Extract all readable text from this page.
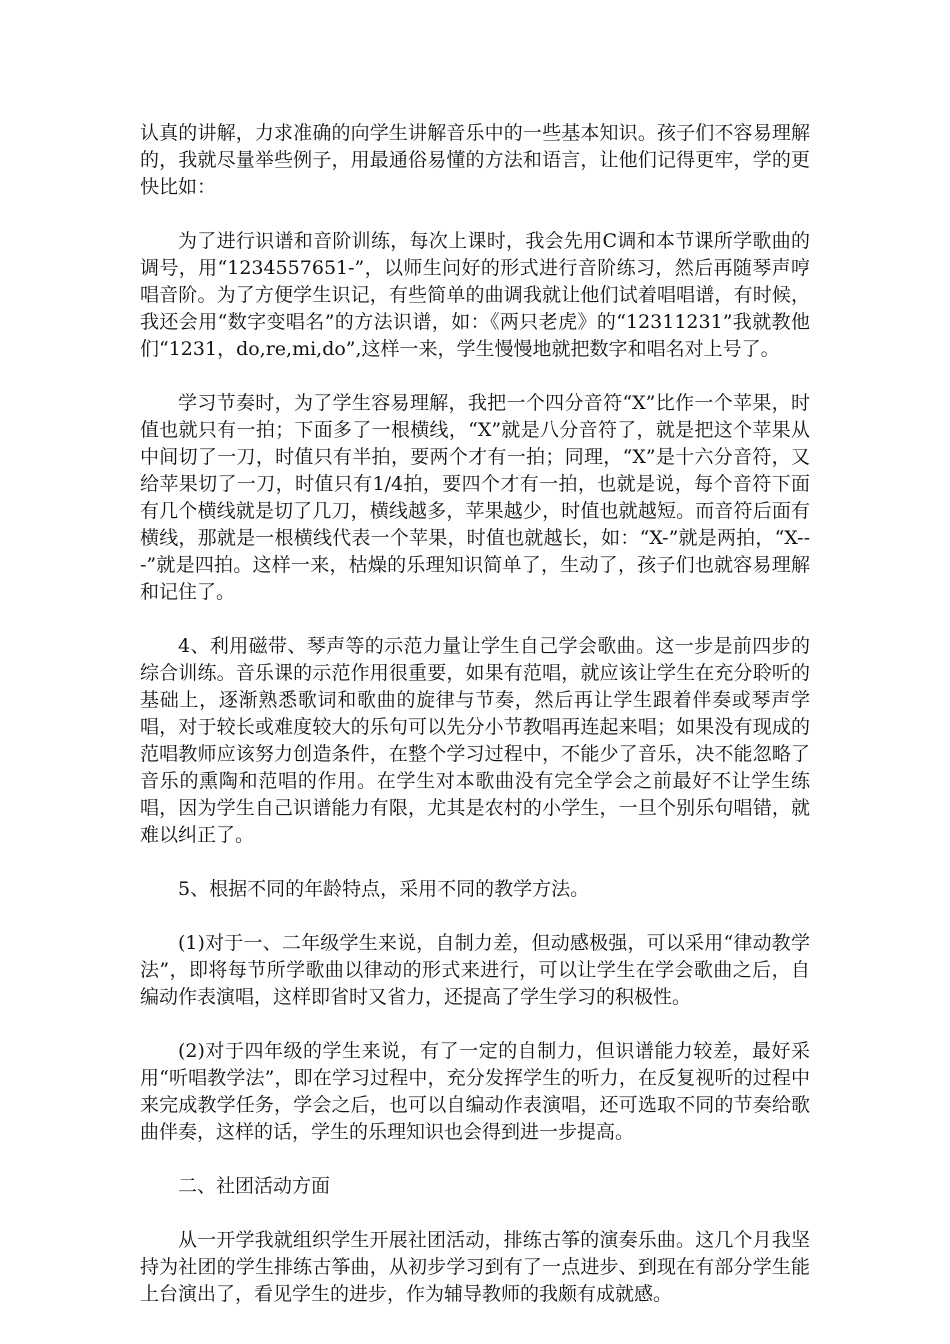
认真的讲解，力求准确的向学生讲解音乐中的一些基本知识。孩子们不容易理解的，我就尽量举些例子，用最通俗易懂的方法和语言，让他们记得更牢，学的更快比如：

为了进行识谱和音阶训练，每次上课时，我会先用C调和本节课所学歌曲的调号，用“1234557651-”，以师生问好的形式进行音阶练习，然后再随琴声哼唱音阶。为了方便学生识记，有些简单的曲调我就让他们试着唱唱谱，有时候，我还会用“数字变唱名”的方法识谱，如：《两只老虎》的“12311231”我就教他们“1231，do,re,mi,do”,这样一来，学生慢慢地就把数字和唱名对上号了。

学习节奏时，为了学生容易理解，我把一个四分音符“X”比作一个苹果，时值也就只有一拍；下面多了一根横线，“X”就是八分音符了，就是把这个苹果从中间切了一刀，时值只有半拍，要两个才有一拍；同理，“X”是十六分音符，又给苹果切了一刀，时值只有1/4拍，要四个才有一拍，也就是说，每个音符下面有几个横线就是切了几刀，横线越多，苹果越少，时值也就越短。而音符后面有横线，那就是一根横线代表一个苹果，时值也就越长，如：“X-”就是两拍，“X---”就是四拍。这样一来，枯燥的乐理知识简单了，生动了，孩子们也就容易理解和记住了。

4、利用磁带、琴声等的示范力量让学生自己学会歌曲。这一步是前四步的综合训练。音乐课的示范作用很重要，如果有范唱，就应该让学生在充分聆听的基础上，逐渐熟悉歌词和歌曲的旋律与节奏，然后再让学生跟着伴奏或琴声学唱，对于较长或难度较大的乐句可以先分小节教唱再连起来唱；如果没有现成的范唱教师应该努力创造条件，在整个学习过程中，不能少了音乐，决不能忽略了音乐的熏陶和范唱的作用。在学生对本歌曲没有完全学会之前最好不让学生练唱，因为学生自己识谱能力有限，尤其是农村的小学生，一旦个别乐句唱错，就难以纠正了。

5、根据不同的年龄特点，采用不同的教学方法。

(1)对于一、二年级学生来说，自制力差，但动感极强，可以采用“律动教学法”，即将每节所学歌曲以律动的形式来进行，可以让学生在学会歌曲之后，自编动作表演唱，这样即省时又省力，还提高了学生学习的积极性。

(2)对于四年级的学生来说，有了一定的自制力，但识谱能力较差，最好采用“听唱教学法”，即在学习过程中，充分发挥学生的听力，在反复视听的过程中来完成教学任务，学会之后，也可以自编动作表演唱，还可选取不同的节奏给歌曲伴奏，这样的话，学生的乐理知识也会得到进一步提高。

二、社团活动方面

从一开学我就组织学生开展社团活动，排练古筝的演奏乐曲。这几个月我坚持为社团的学生排练古筝曲，从初步学习到有了一点进步、到现在有部分学生能上台演出了，看见学生的进步，作为辅导教师的我颇有成就感。
